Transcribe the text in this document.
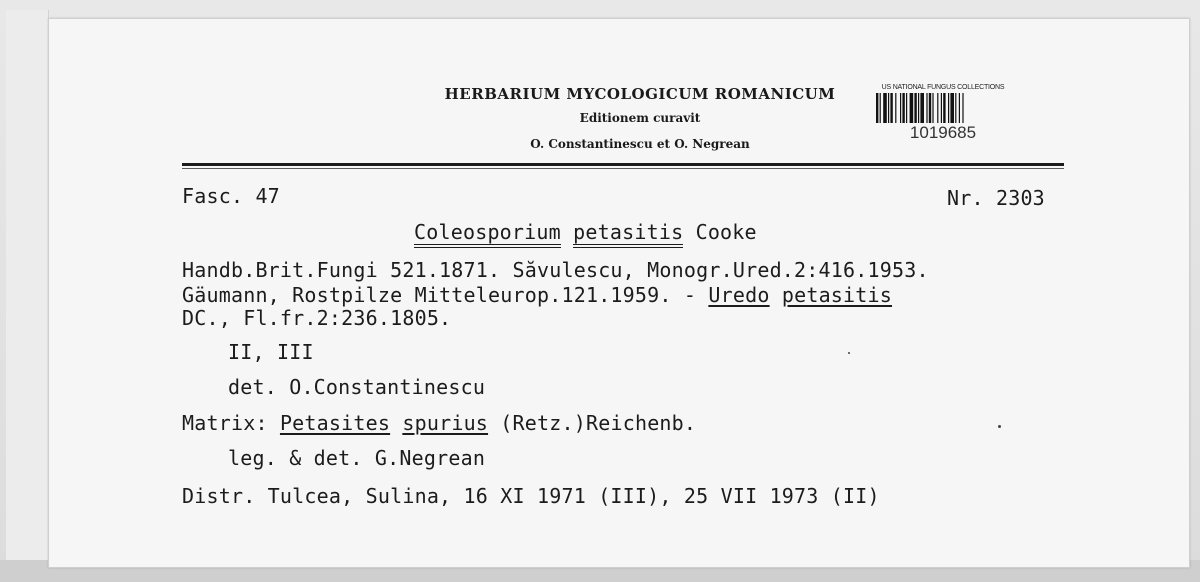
HERBARIUM MYCOLOGICUM ROMANICUM
Editionem curavit
O. Constantinescu et O. Negrean
US NATIONAL FUNGUS COLLECTIONS
1019685
Fasc. 47	Nr. 2303
Coleosporium petasitis Cooke
Handb.Brit.Fungi 521.1871. Săvulescu, Monogr.Ured.2:416.1953.
Gäumann, Rostpilze Mitteleurop.121.1959. - Uredo petasitis
DC., Fl.fr.2:236.1805.
II, III
det. O.Constantinescu
Matrix: Petasites spurius (Retz.)Reichenb.
leg. & det. G.Negrean
Distr. Tulcea, Sulina, 16 XI 1971 (III), 25 VII 1973 (II)
